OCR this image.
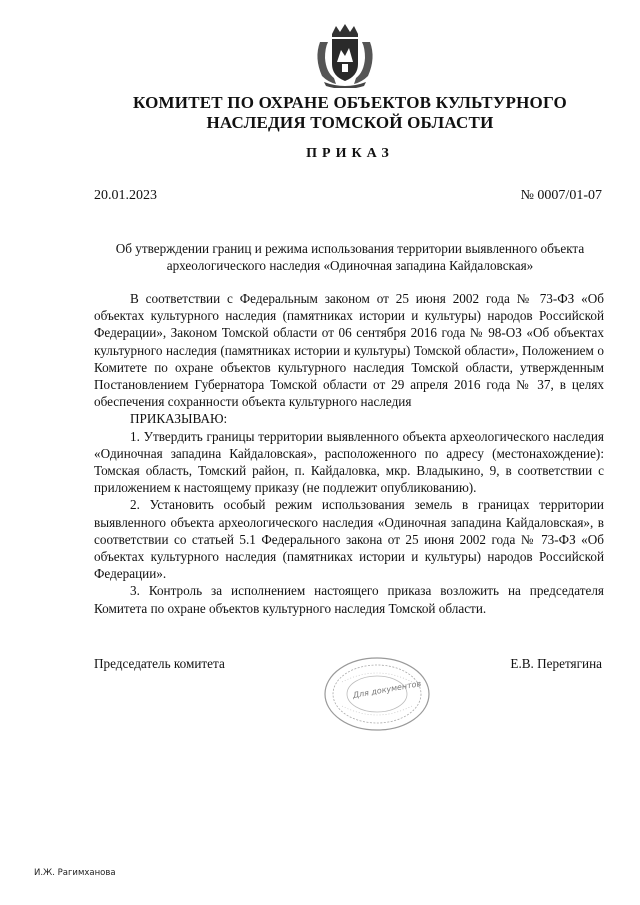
КОМИТЕТ ПО ОХРАНЕ ОБЪЕКТОВ КУЛЬТУРНОГО
НАСЛЕДИЯ ТОМСКОЙ ОБЛАСТИ
ПРИКАЗ
20.01.2023	№ 0007/01-07
Об утверждении границ и режима использования территории выявленного объекта
археологического наследия «Одиночная западина Кайдаловская»

В соответствии с Федеральным законом от 25 июня 2002 года № 73-ФЗ «Об объектах культурного наследия (памятниках истории и культуры) народов Российской Федерации», Законом Томской области от 06 сентября 2016 года № 98-ОЗ «Об объектах культурного наследия (памятниках истории и культуры) Томской области», Положением о Комитете по охране объектов культурного наследия Томской области, утвержденным Постановлением Губернатора Томской области от 29 апреля 2016 года № 37, в целях обеспечения сохранности объекта культурного наследия

ПРИКАЗЫВАЮ:

1. Утвердить границы территории выявленного объекта археологического наследия «Одиночная западина Кайдаловская», расположенного по адресу (местонахождение): Томская область, Томский район, п. Кайдаловка, мкр. Владыкино, 9, в соответствии с приложением к настоящему приказу (не подлежит опубликованию).

2. Установить особый режим использования земель в границах территории выявленного объекта археологического наследия «Одиночная западина Кайдаловская», в соответствии со статьей 5.1 Федерального закона от 25 июня 2002 года № 73-ФЗ «Об объектах культурного наследия (памятниках истории и культуры) народов Российской Федерации».

3. Контроль за исполнением настоящего приказа возложить на председателя Комитета по охране объектов культурного наследия Томской области.

Председатель комитета
Для документов
Е.В. Перетягина
И.Ж. Рагимханова
